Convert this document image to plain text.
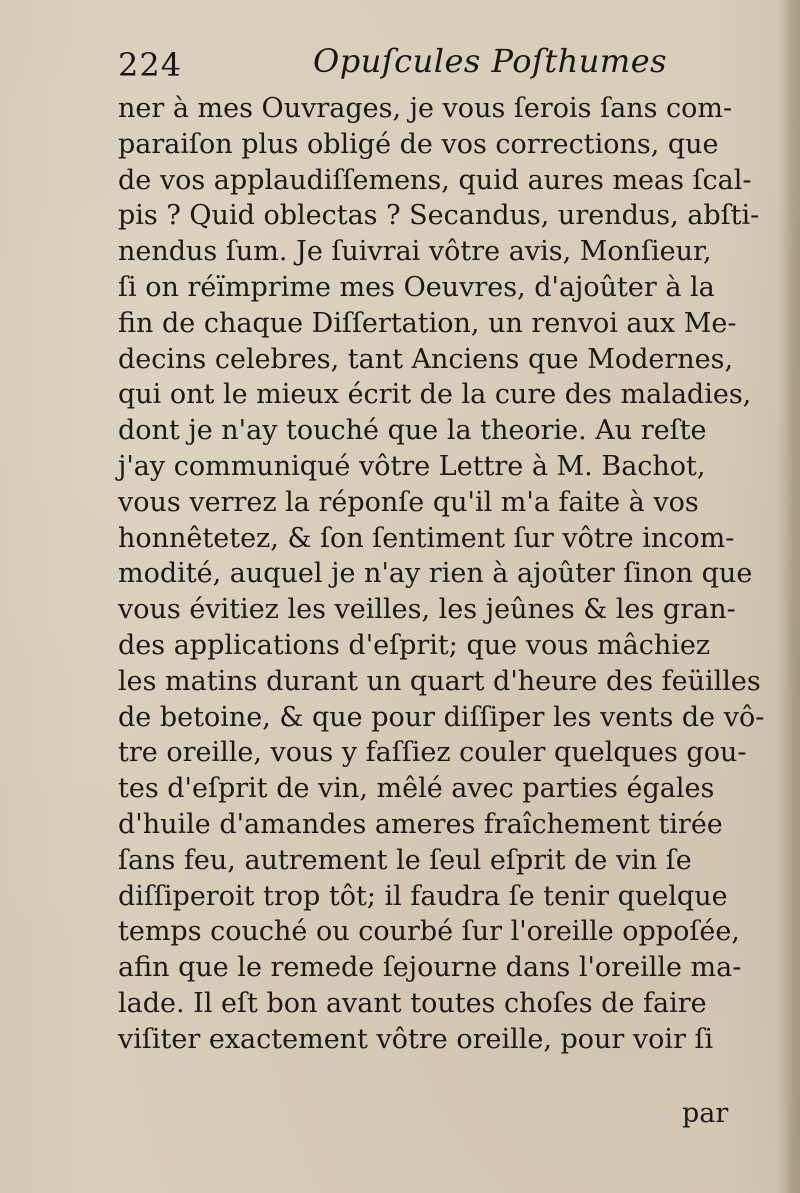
224	Opuſcules Poſthumes
ner à mes Ouvrages, je vous ſerois ſans com-
paraiſon plus obligé de vos corrections, que
de vos applaudiſſemens, quid aures meas ſcal-
pis ? Quid oblectas ? Secandus, urendus, abſti-
nendus ſum. Je ſuivrai vôtre avis, Monſieur,
ſi on réïmprime mes Oeuvres, d'ajoûter à la
fin de chaque Diſſertation, un renvoi aux Me-
decins celebres, tant Anciens que Modernes,
qui ont le mieux écrit de la cure des maladies,
dont je n'ay touché que la theorie. Au reſte
j'ay communiqué vôtre Lettre à M. Bachot,
vous verrez la réponſe qu'il m'a faite à vos
honnêtetez, & ſon ſentiment ſur vôtre incom-
modité, auquel je n'ay rien à ajoûter ſinon que
vous évitiez les veilles, les jeûnes & les gran-
des applications d'eſprit; que vous mâchiez
les matins durant un quart d'heure des feüilles
de betoine, & que pour diſſiper les vents de vô-
tre oreille, vous y faſſiez couler quelques gou-
tes d'eſprit de vin, mêlé avec parties égales
d'huile d'amandes ameres fraîchement tirée
ſans feu, autrement le ſeul eſprit de vin ſe
diſſiperoit trop tôt; il faudra ſe tenir quelque
temps couché ou courbé ſur l'oreille oppoſée,
afin que le remede ſejourne dans l'oreille ma-
lade. Il eſt bon avant toutes choſes de faire
viſiter exactement vôtre oreille, pour voir ſi
par
